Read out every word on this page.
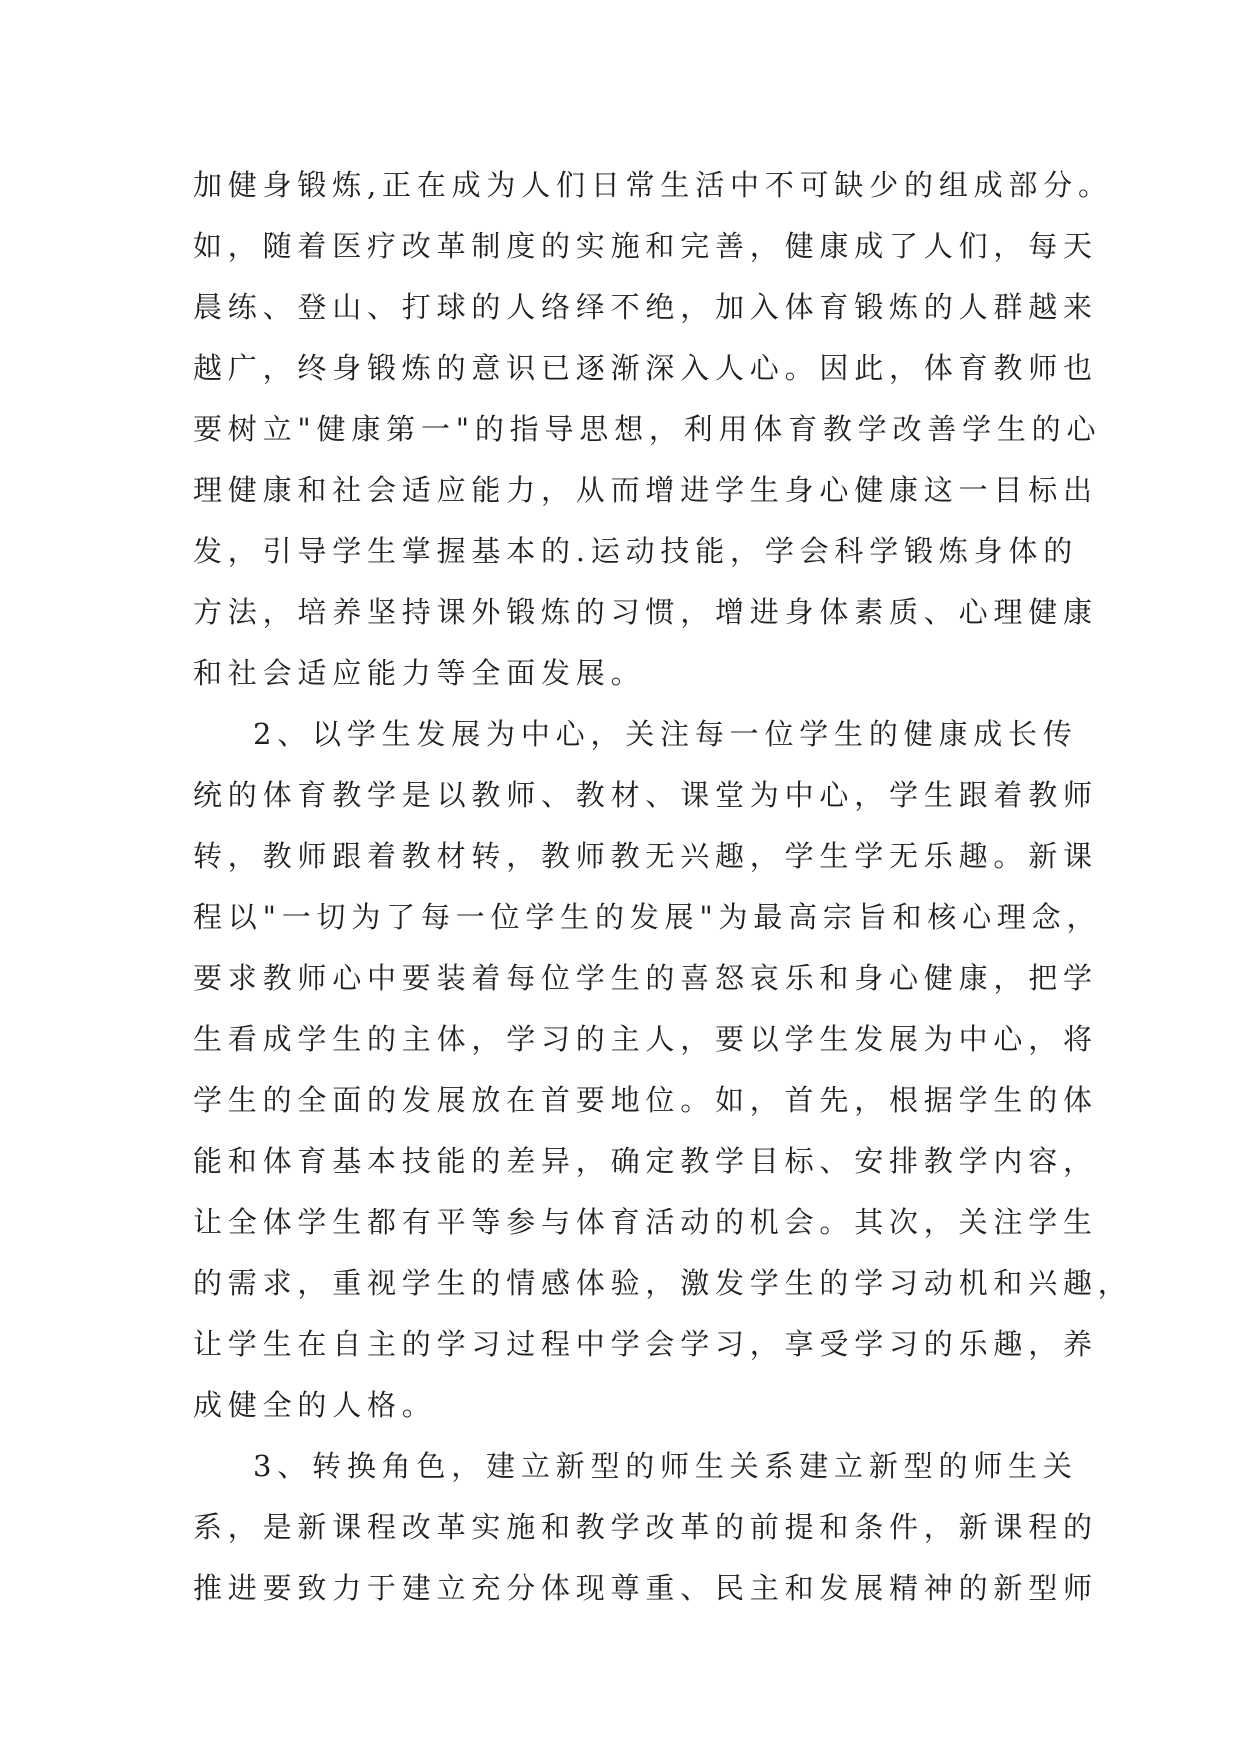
加健身锻炼,正在成为人们日常生活中不可缺少的组成部分。
如，随着医疗改革制度的实施和完善，健康成了人们，每天
晨练、登山、打球的人络绎不绝，加入体育锻炼的人群越来
越广，终身锻炼的意识已逐渐深入人心。因此，体育教师也
要树立"健康第一"的指导思想，利用体育教学改善学生的心
理健康和社会适应能力，从而增进学生身心健康这一目标出
发，引导学生掌握基本的.运动技能，学会科学锻炼身体的
方法，培养坚持课外锻炼的习惯，增进身体素质、心理健康
和社会适应能力等全面发展。
2、以学生发展为中心，关注每一位学生的健康成长传
统的体育教学是以教师、教材、课堂为中心，学生跟着教师
转，教师跟着教材转，教师教无兴趣，学生学无乐趣。新课
程以"一切为了每一位学生的发展"为最高宗旨和核心理念，
要求教师心中要装着每位学生的喜怒哀乐和身心健康，把学
生看成学生的主体，学习的主人，要以学生发展为中心，将
学生的全面的发展放在首要地位。如，首先，根据学生的体
能和体育基本技能的差异，确定教学目标、安排教学内容，
让全体学生都有平等参与体育活动的机会。其次，关注学生
的需求，重视学生的情感体验，激发学生的学习动机和兴趣，
让学生在自主的学习过程中学会学习，享受学习的乐趣，养
成健全的人格。
3、转换角色，建立新型的师生关系建立新型的师生关
系，是新课程改革实施和教学改革的前提和条件，新课程的
推进要致力于建立充分体现尊重、民主和发展精神的新型师
